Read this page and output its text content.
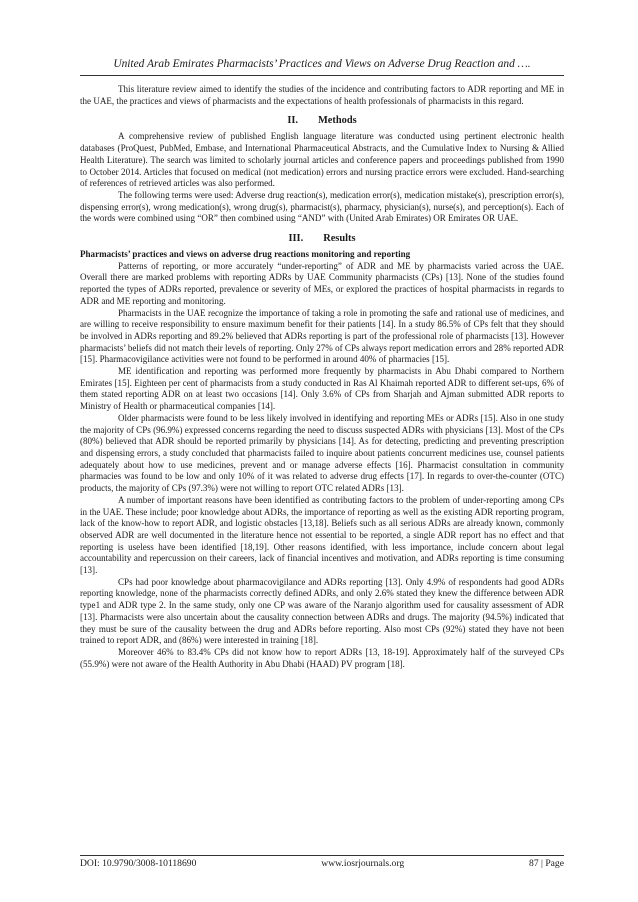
United Arab Emirates Pharmacists’ Practices and Views on Adverse Drug Reaction and ….

This literature review aimed to identify the studies of the incidence and contributing factors to ADR reporting and ME in the UAE, the practices and views of pharmacists and the expectations of health professionals of pharmacists in this regard.

II. Methods

A comprehensive review of published English language literature was conducted using pertinent electronic health databases (ProQuest, PubMed, Embase, and International Pharmaceutical Abstracts, and the Cumulative Index to Nursing & Allied Health Literature). The search was limited to scholarly journal articles and conference papers and proceedings published from 1990 to October 2014. Articles that focused on medical (not medication) errors and nursing practice errors were excluded. Hand-searching of references of retrieved articles was also performed.

The following terms were used: Adverse drug reaction(s), medication error(s), medication mistake(s), prescription error(s), dispensing error(s), wrong medication(s), wrong drug(s), pharmacist(s), pharmacy, physician(s), nurse(s), and perception(s). Each of the words were combined using “OR” then combined using “AND” with (United Arab Emirates) OR Emirates OR UAE.

III. Results
Pharmacists’ practices and views on adverse drug reactions monitoring and reporting

Patterns of reporting, or more accurately “under-reporting” of ADR and ME by pharmacists varied across the UAE. Overall there are marked problems with reporting ADRs by UAE Community pharmacists (CPs) [13]. None of the studies found reported the types of ADRs reported, prevalence or severity of MEs, or explored the practices of hospital pharmacists in regards to ADR and ME reporting and monitoring.

Pharmacists in the UAE recognize the importance of taking a role in promoting the safe and rational use of medicines, and are willing to receive responsibility to ensure maximum benefit for their patients [14]. In a study 86.5% of CPs felt that they should be involved in ADRs reporting and 89.2% believed that ADRs reporting is part of the professional role of pharmacists [13]. However pharmacists’ beliefs did not match their levels of reporting. Only 27% of CPs always report medication errors and 28% reported ADR [15]. Pharmacovigilance activities were not found to be performed in around 40% of pharmacies [15].

ME identification and reporting was performed more frequently by pharmacists in Abu Dhabi compared to Northern Emirates [15]. Eighteen per cent of pharmacists from a study conducted in Ras Al Khaimah reported ADR to different set-ups, 6% of them stated reporting ADR on at least two occasions [14]. Only 3.6% of CPs from Sharjah and Ajman submitted ADR reports to Ministry of Health or pharmaceutical companies [14].

Older pharmacists were found to be less likely involved in identifying and reporting MEs or ADRs [15]. Also in one study the majority of CPs (96.9%) expressed concerns regarding the need to discuss suspected ADRs with physicians [13]. Most of the CPs (80%) believed that ADR should be reported primarily by physicians [14]. As for detecting, predicting and preventing prescription and dispensing errors, a study concluded that pharmacists failed to inquire about patients concurrent medicines use, counsel patients adequately about how to use medicines, prevent and or manage adverse effects [16]. Pharmacist consultation in community pharmacies was found to be low and only 10% of it was related to adverse drug effects [17]. In regards to over-the-counter (OTC) products, the majority of CPs (97.3%) were not willing to report OTC related ADRs [13].

A number of important reasons have been identified as contributing factors to the problem of under-reporting among CPs in the UAE. These include; poor knowledge about ADRs, the importance of reporting as well as the existing ADR reporting program, lack of the know-how to report ADR, and logistic obstacles [13,18]. Beliefs such as all serious ADRs are already known, commonly observed ADR are well documented in the literature hence not essential to be reported, a single ADR report has no effect and that reporting is useless have been identified [18,19]. Other reasons identified, with less importance, include concern about legal accountability and repercussion on their careers, lack of financial incentives and motivation, and ADRs reporting is time consuming [13].

CPs had poor knowledge about pharmacovigilance and ADRs reporting [13]. Only 4.9% of respondents had good ADRs reporting knowledge, none of the pharmacists correctly defined ADRs, and only 2.6% stated they knew the difference between ADR type1 and ADR type 2. In the same study, only one CP was aware of the Naranjo algorithm used for causality assessment of ADR [13]. Pharmacists were also uncertain about the causality connection between ADRs and drugs. The majority (94.5%) indicated that they must be sure of the causality between the drug and ADRs before reporting. Also most CPs (92%) stated they have not been trained to report ADR, and (86%) were interested in training [18].

Moreover 46% to 83.4% CPs did not know how to report ADRs [13, 18-19]. Approximately half of the surveyed CPs (55.9%) were not aware of the Health Authority in Abu Dhabi (HAAD) PV program [18].

DOI: 10.9790/3008-10118690	www.iosrjournals.org	87 | Page
